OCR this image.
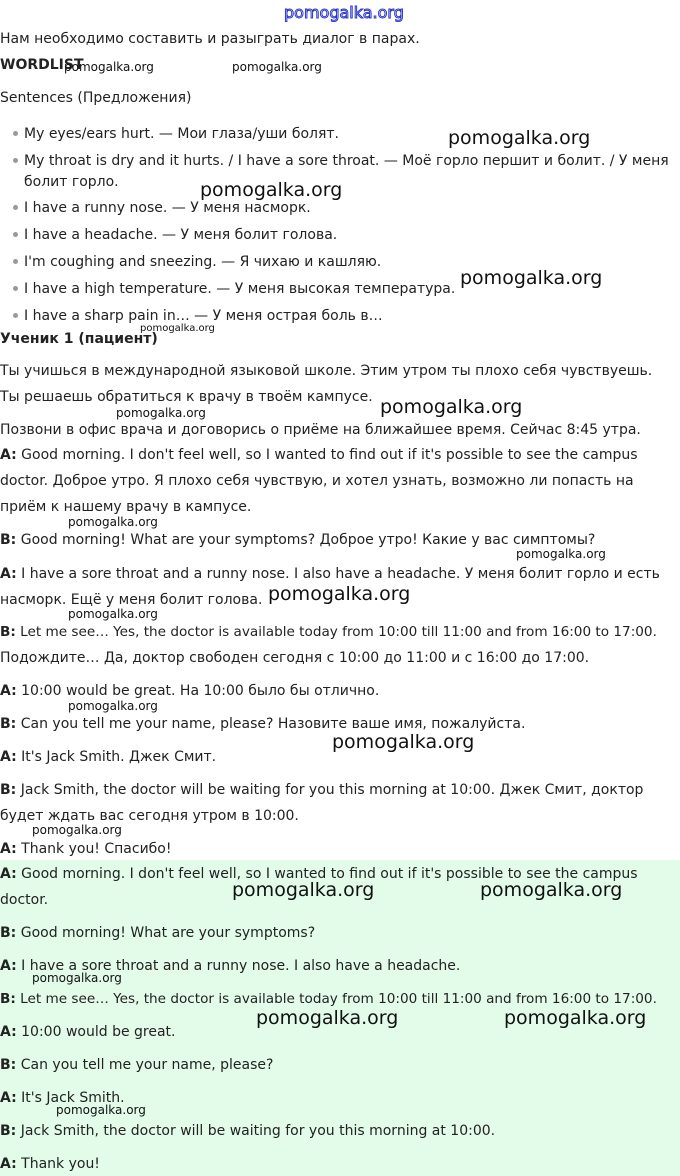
pomogalka.org
Нам необходимо составить и разыграть диалог в парах.
WORDLIST
Sentences (Предложения)
My eyes/ears hurt. — Мои глаза/уши болят.
My throat is dry and it hurts. / I have a sore throat. — Моё горло першит и болит. / У меня
болит горло.
I have a runny nose. — У меня насморк.
I have a headache. — У меня болит голова.
I'm coughing and sneezing. — Я чихаю и кашляю.
I have a high temperature. — У меня высокая температура.
I have a sharp pain in… — У меня острая боль в…
Ученик 1 (пациент)
Ты учишься в международной языковой школе. Этим утром ты плохо себя чувствуешь.
Ты решаешь обратиться к врачу в твоём кампусе.
Позвони в офис врача и договорись о приёме на ближайшее время. Сейчас 8:45 утра.
A: Good morning. I don't feel well, so I wanted to find out if it's possible to see the campus
doctor. Доброе утро. Я плохо себя чувствую, и хотел узнать, возможно ли попасть на
приём к нашему врачу в кампусе.
B: Good morning! What are your symptoms? Доброе утро! Какие у вас симптомы?
A: I have a sore throat and a runny nose. I also have a headache. У меня болит горло и есть
насморк. Ещё у меня болит голова.
B: Let me see… Yes, the doctor is available today from 10:00 till 11:00 and from 16:00 to 17:00.
Подождите… Да, доктор свободен сегодня с 10:00 до 11:00 и с 16:00 до 17:00.
A: 10:00 would be great. На 10:00 было бы отлично.
B: Can you tell me your name, please? Назовите ваше имя, пожалуйста.
A: It's Jack Smith. Джек Смит.
B: Jack Smith, the doctor will be waiting for you this morning at 10:00. Джек Смит, доктор
будет ждать вас сегодня утром в 10:00.
A: Thank you! Спасибо!
A: Good morning. I don't feel well, so I wanted to find out if it's possible to see the campus
doctor.
B: Good morning! What are your symptoms?
A: I have a sore throat and a runny nose. I also have a headache.
B: Let me see… Yes, the doctor is available today from 10:00 till 11:00 and from 16:00 to 17:00.
A: 10:00 would be great.
B: Can you tell me your name, please?
A: It's Jack Smith.
B: Jack Smith, the doctor will be waiting for you this morning at 10:00.
A: Thank you!
pomogalka.org	pomogalka.org
pomogalka.org
pomogalka.org
pomogalka.org
pomogalka.org
pomogalka.org
pomogalka.org
pomogalka.org
pomogalka.org
pomogalka.org
pomogalka.org
pomogalka.org
pomogalka.org
pomogalka.org
pomogalka.org	pomogalka.org
pomogalka.org
pomogalka.org	pomogalka.org
pomogalka.org
